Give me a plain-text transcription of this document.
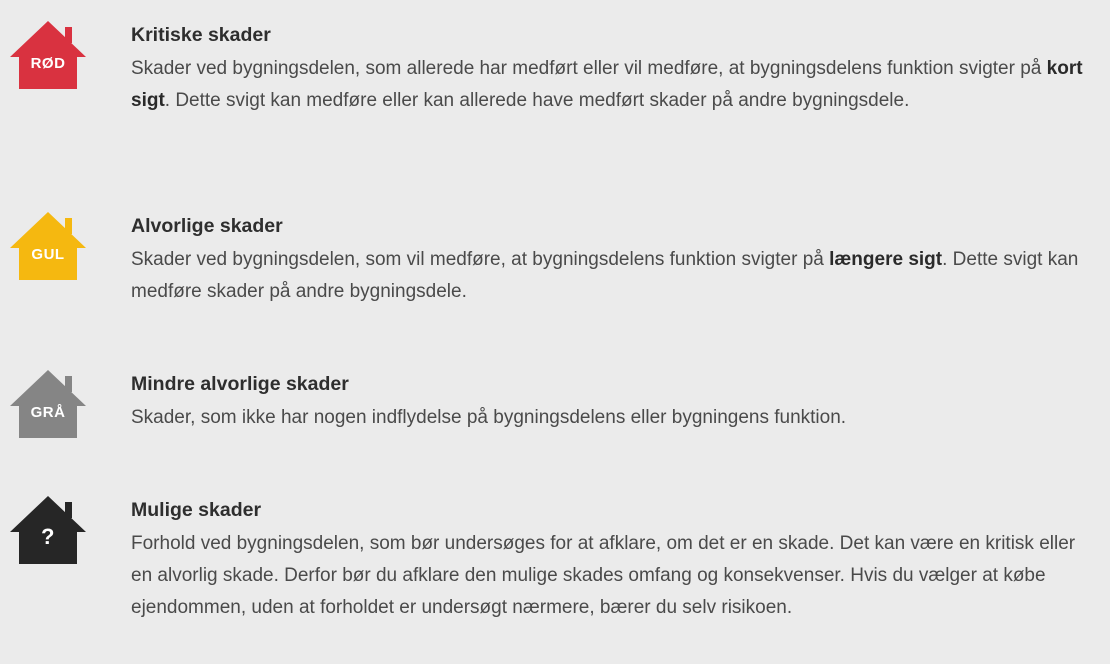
RØD
Kritiske skader

Skader ved bygningsdelen, som allerede har medført eller vil medføre, at bygningsdelens funktion svigter på kort sigt. Dette svigt kan medføre eller kan allerede have medført skader på andre bygningsdele.

GUL
Alvorlige skader

Skader ved bygningsdelen, som vil medføre, at bygningsdelens funktion svigter på længere sigt. Dette svigt kan medføre skader på andre bygningsdele.

GRÅ
Mindre alvorlige skader

Skader, som ikke har nogen indflydelse på bygningsdelens eller bygningens funktion.

?
Mulige skader

Forhold ved bygningsdelen, som bør undersøges for at afklare, om det er en skade. Det kan være en kritisk eller en alvorlig skade. Derfor bør du afklare den mulige skades omfang og konsekvenser. Hvis du vælger at købe ejendommen, uden at forholdet er undersøgt nærmere, bærer du selv risikoen.
